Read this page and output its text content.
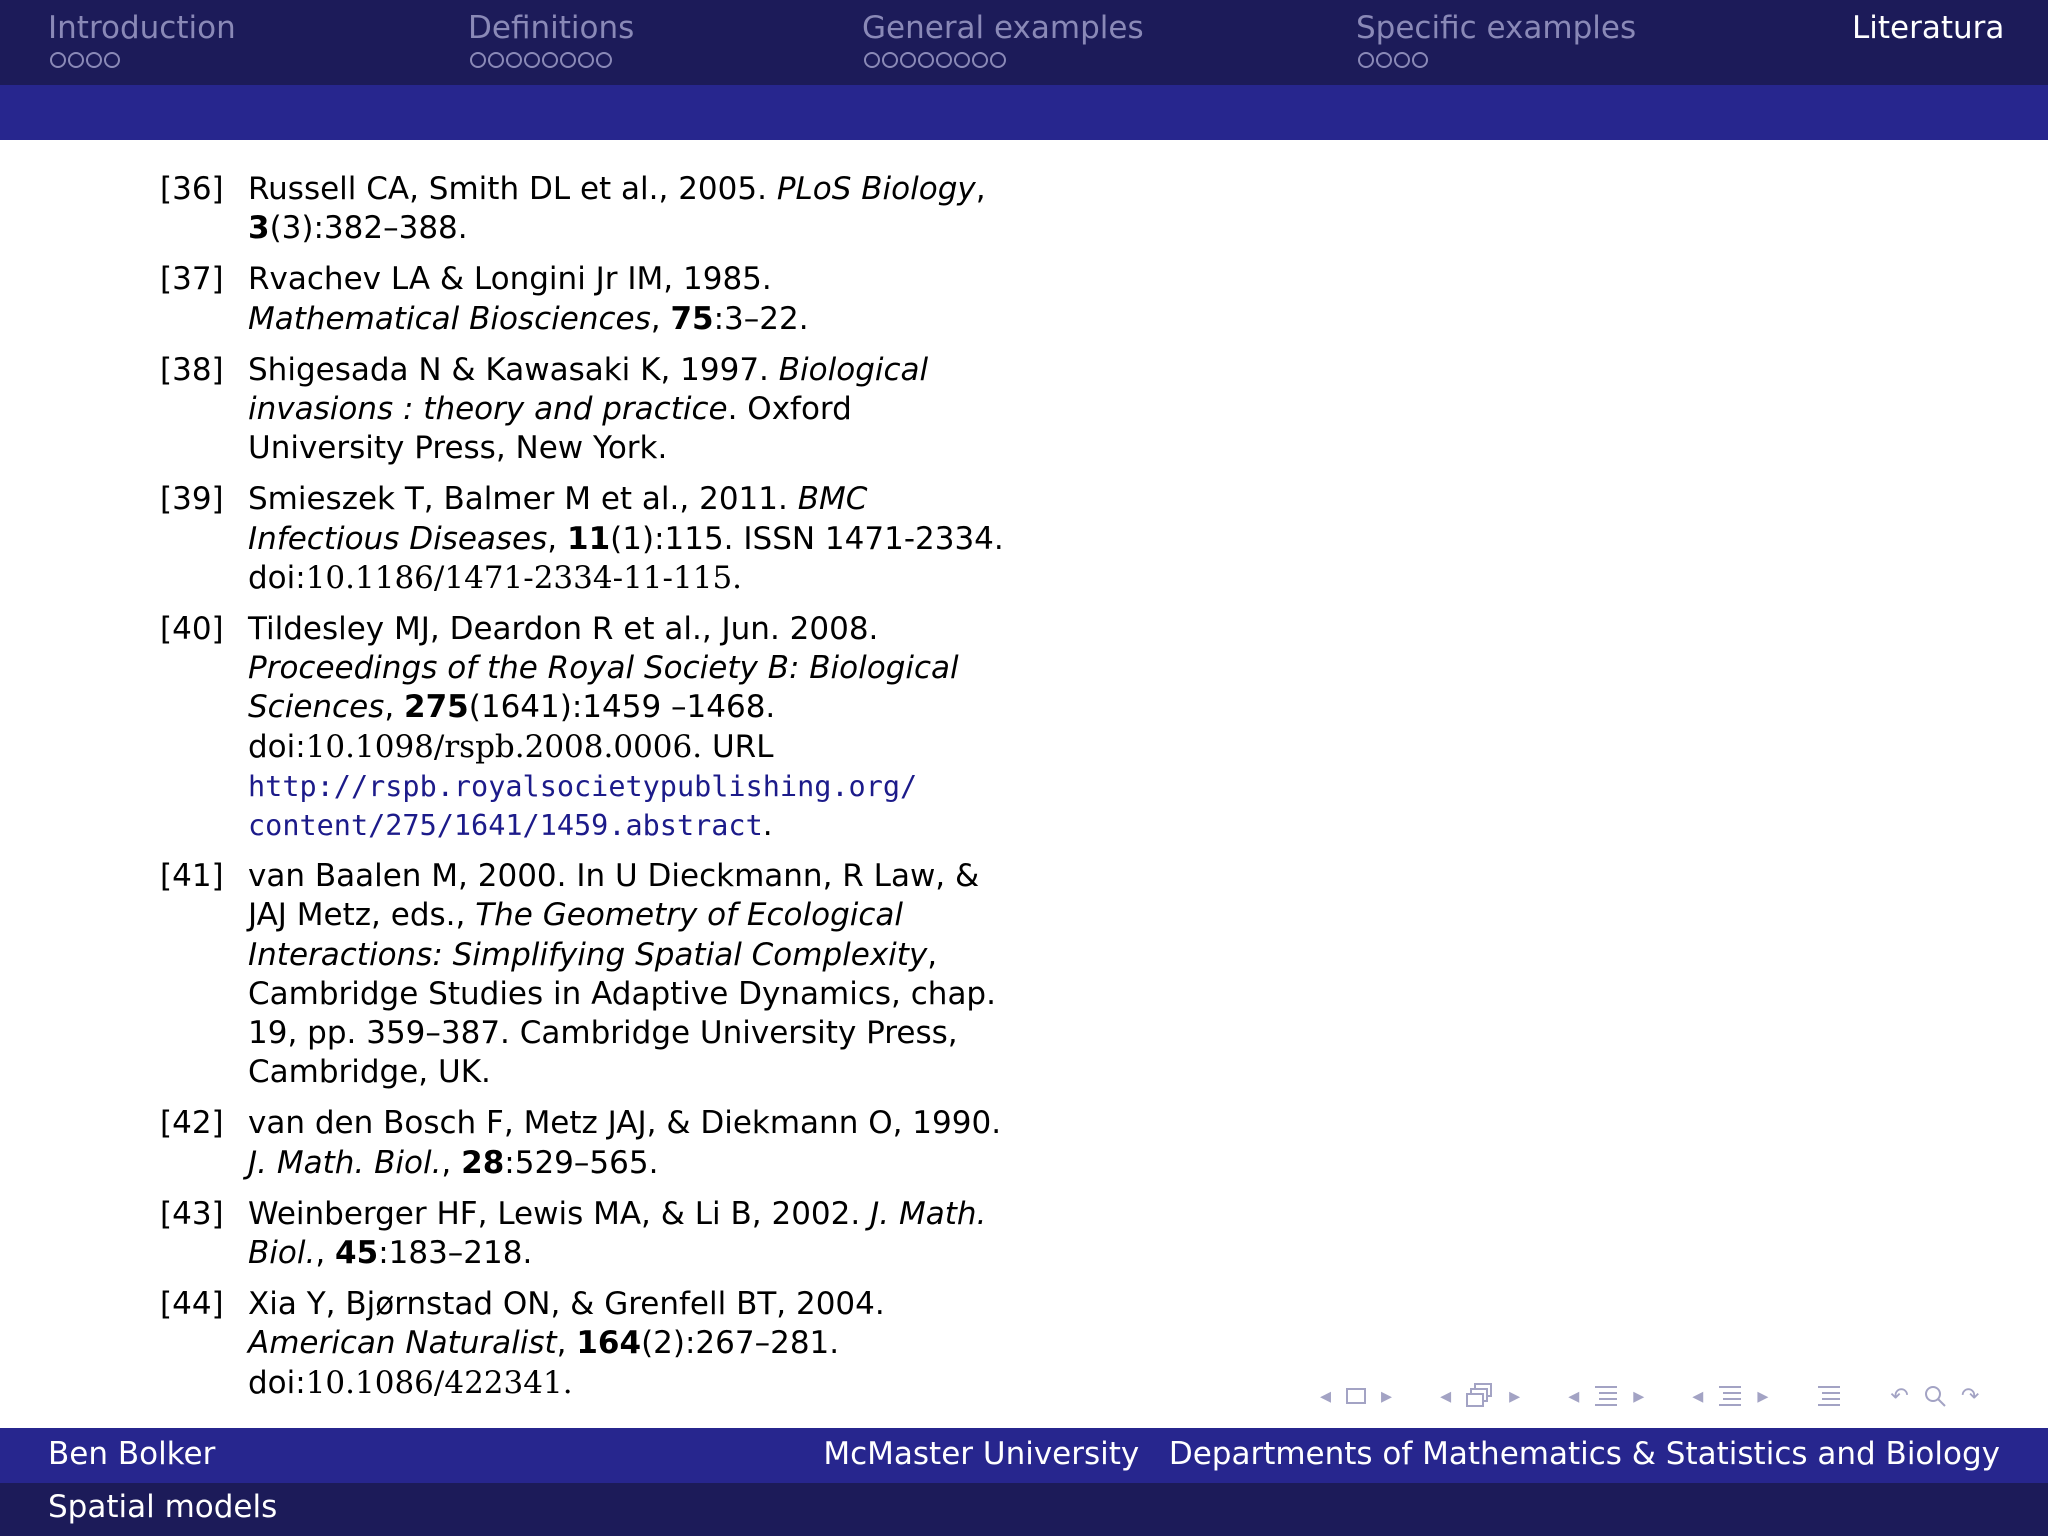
Introduction	Definitions	General examples	Specific examples	Literatura
[36] Russell CA, Smith DL et al., 2005. PLoS Biology,
3(3):382–388.
[37] Rvachev LA & Longini Jr IM, 1985.
Mathematical Biosciences, 75:3–22.
[38] Shigesada N & Kawasaki K, 1997. Biological invasions : theory and practice. Oxford University Press, New York.
[39] Smieszek T, Balmer M et al., 2011. BMC Infectious Diseases, 11(1):115. ISSN 1471-2334.
doi:10.1186/1471-2334-11-115.
[40] Tildesley MJ, Deardon R et al., Jun. 2008.
Proceedings of the Royal Society B: Biological Sciences, 275(1641):1459 –1468.
doi:10.1098/rspb.2008.0006. URL
http://rspb.royalsocietypublishing.org/
content/275/1641/1459.abstract.
[41] van Baalen M, 2000. In U Dieckmann, R Law, & JAJ Metz, eds., The Geometry of Ecological Interactions: Simplifying Spatial Complexity, Cambridge Studies in Adaptive Dynamics, chap. 19, pp. 359–387. Cambridge University Press, Cambridge, UK.
[42] van den Bosch F, Metz JAJ, & Diekmann O, 1990. J. Math. Biol., 28:529–565.
[43] Weinberger HF, Lewis MA, & Li B, 2002. J. Math. Biol., 45:183–218.
[44] Xia Y, Bjørnstad ON, & Grenfell BT, 2004.
American Naturalist, 164(2):267–281.
doi:10.1086/422341.	◂ ▸ ◂	▸ ◂ ▸ ◂ ▸	↶ ↷
Ben Bolker	McMaster University   Departments of Mathematics & Statistics and Biology
Spatial models
